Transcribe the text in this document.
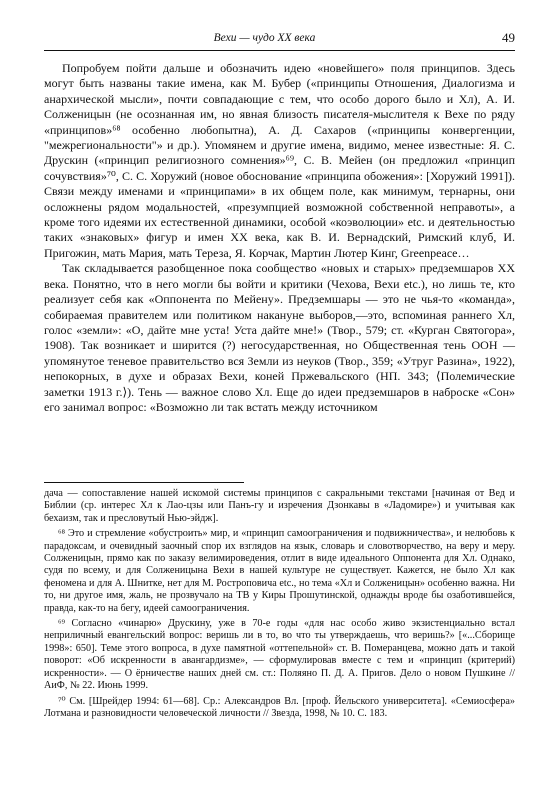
Вехи — чудо XX века	49

Попробуем пойти дальше и обозначить идею «новейшего» поля принципов. Здесь могут быть названы такие имена, как М. Бубер («принципы Отношения, Диалогизма и анархической мысли», почти совпадающие с тем, что особо дорого было и Хл), А. И. Солженицын (не осознанная им, но явная близость писателя-мыслителя к Вехе по ряду «принципов»⁶⁸ особенно любопытна), А. Д. Сахаров («принципы конвергенции, "межрегиональности"» и др.). Упомянем и другие имена, видимо, менее известные: Я. С. Друскин («принцип религиозного сомнения»⁶⁹, С. В. Мейен (он предложил «принцип сочувствия»⁷⁰, С. С. Хоружий (новое обоснование «принципа обожения»: [Хоружий 1991]). Связи между именами и «принципами» в их общем поле, как минимум, тернарны, они осложнены рядом модальностей, «презумпцией возможной собственной неправоты», а кроме того идеями их естественной динамики, особой «коэволюции» etc. и деятельностью таких «знаковых» фигур и имен XX века, как В. И. Вернадский, Римский клуб, И. Пригожин, мать Мария, мать Тереза, Я. Корчак, Мартин Лютер Кинг, Greenpeace…

Так складывается разобщенное пока сообщество «новых и старых» предземшаров XX века. Понятно, что в него могли бы войти и критики (Чехова, Вехи etc.), но лишь те, кто реализует себя как «Оппонента по Мейену». Предземшары — это не чья-то «команда», собираемая правителем или политиком накануне выборов,—это, вспоминая раннего Хл, голос «земли»: «О, дайте мне уста! Уста дайте мне!» (Твор., 579; ст. «Курган Святогора», 1908). Так возникает и ширится (?) негосударственная, но Общественная тень ООН — упомянутое теневое правительство вся Земли из неуков (Твор., 359; «Утруг Разина», 1922), непокорных, в духе и образах Вехи, коней Пржевальского (НП. 343; ⟨Полемические заметки 1913 г.⟩). Тень — важное слово Хл. Еще до идеи предземшаров в наброске «Сон» его занимал вопрос: «Возможно ли так встать между источником

дача — сопоставление нашей искомой системы принципов с сакральными текстами [начиная от Вед и Библии (ср. интерес Хл к Лао-цзы или Панъ-гу и изречения Дзонкавы в «Ладомире») и учитывая как бехаизм, так и пресловутый Нью-эйдж].

⁶⁸ Это и стремление «обустроить» мир, и «принцип самоограничения и подвижничества», и нелюбовь к парадоксам, и очевидный заочный спор их взглядов на язык, словарь и словотворчество, на веру и меру. Солженицын, прямо как по заказу велимироведения, отлит в виде идеального Оппонента для Хл. Однако, судя по всему, и для Солженицына Вехи в нашей культуре не существует. Кажется, не было Хл как феномена и для А. Шнитке, нет для М. Ростроповича etc., но тема «Хл и Солженицын» особенно важна. Ни то, ни другое имя, жаль, не прозвучало на ТВ у Киры Прошутинской, однажды вроде бы озаботившейся, правда, как-то на бегу, идеей самоограничения.

⁶⁹ Согласно «чинарю» Друскину, уже в 70-е годы «для нас особо живо экзистенциально встал неприличный евангельский вопрос: веришь ли в то, во что ты утверждаешь, что веришь?» [«...Сборище 1998»: 650]. Теме этого вопроса, в духе памятной «оттепельной» ст. В. Померанцева, можно дать и такой поворот: «Об искренности в авангардизме», — сформулировав вместе с тем и «принцип (критерий) искренности». — О ёрничестве наших дней см. ст.: Поляяно П. Д. А. Пригов. Дело о новом Пушкине // АиФ, № 22. Июнь 1999.

⁷⁰ См. [Шрейдер 1994: 61—68]. Ср.: Александров Вл. [проф. Йельского университета]. «Семиосфера» Лотмана и разновидности человеческой личности // Звезда, 1998, № 10. С. 183.
